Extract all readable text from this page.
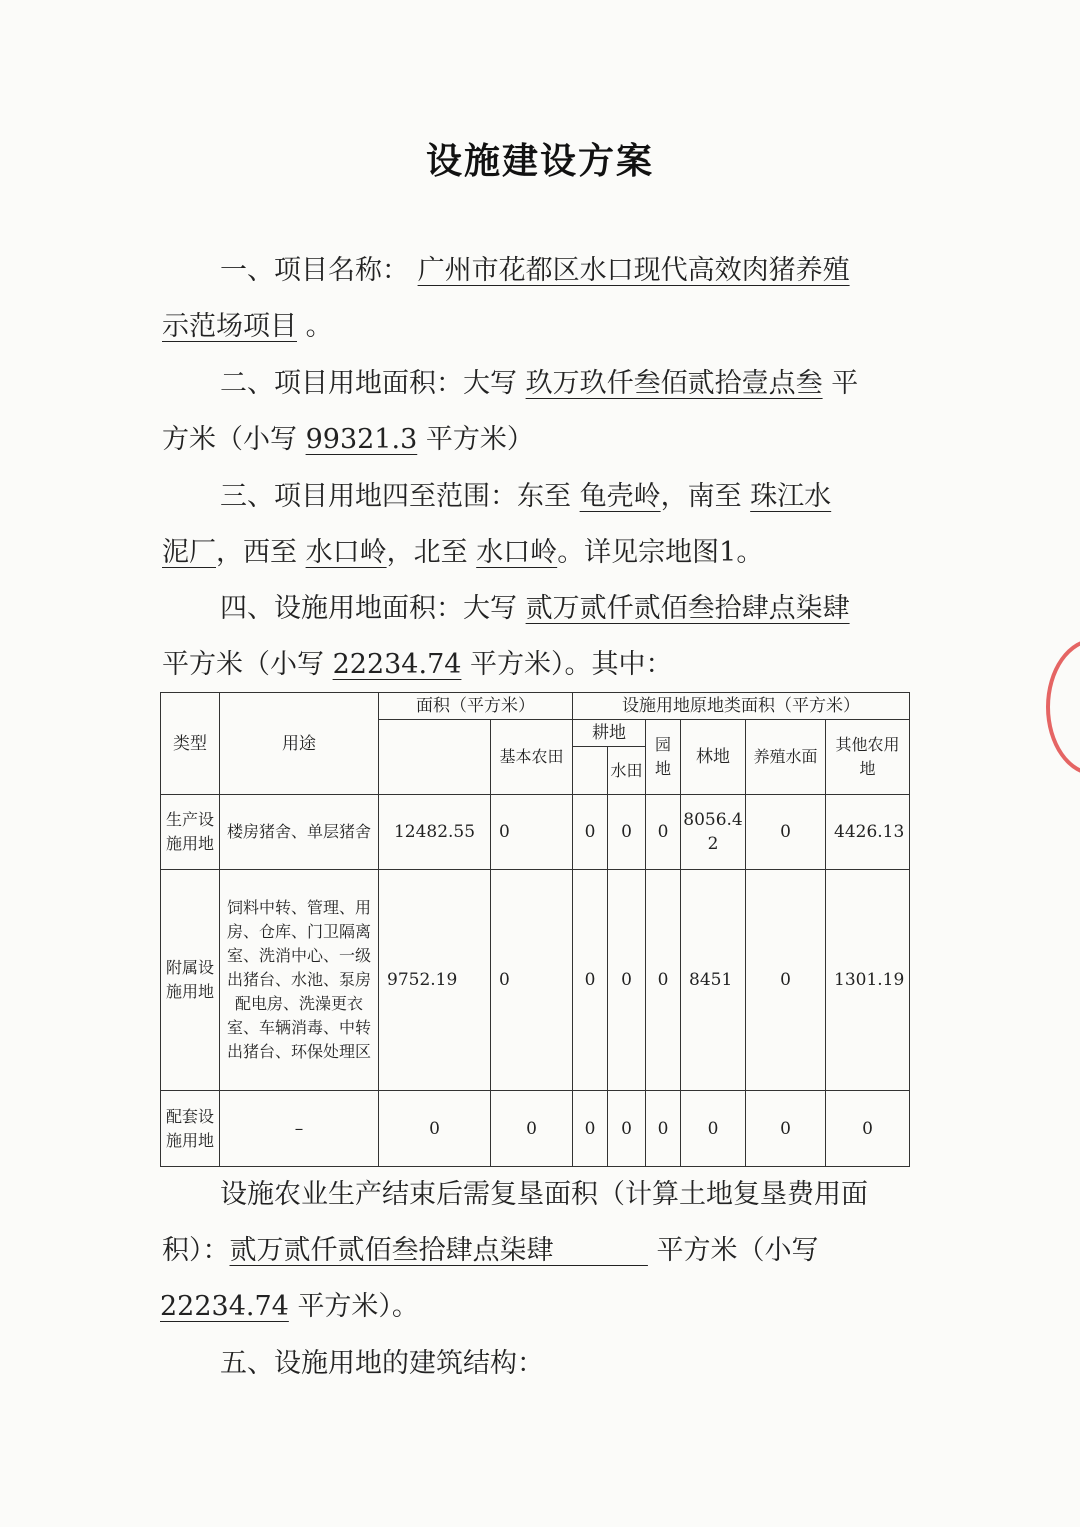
设施建设方案
一、项目名称： 广州市花都区水口现代高效肉猪养殖
示范场项目 。
二、项目用地面积：大写 玖万玖仟叁佰贰拾壹点叁 平
方米（小写 99321.3 平方米）
三、项目用地四至范围：东至 龟壳岭，南至 珠江水
泥厂，西至 水口岭，北至 水口岭。详见宗地图1。
四、设施用地面积：大写 贰万贰仟贰佰叁拾肆点柒肆
平方米（小写 22234.74 平方米）。其中：
类型	用途	面积（平方米）		设施用地原地类面积（平方米）					
			基本农田	耕地		园地	林地	养殖水面	其他农用地
					水田				
生产设施用地	楼房猪舍、单层猪舍	12482.55	0	0	0	0	8056.42	0	4426.13
附属设施用地	饲料中转、管理、用房、仓库、门卫隔离室、洗消中心、一级出猪台、水池、泵房配电房、洗澡更衣室、车辆消毒、中转出猪台、环保处理区	9752.19	0	0	0	0	8451	0	1301.19
配套设施用地	–	0	0	0	0	0	0	0	0
设施农业生产结束后需复垦面积（计算土地复垦费用面
积）：贰万贰仟贰佰叁拾肆点柒肆	平方米（小写
22234.74 平方米）。
五、设施用地的建筑结构：
